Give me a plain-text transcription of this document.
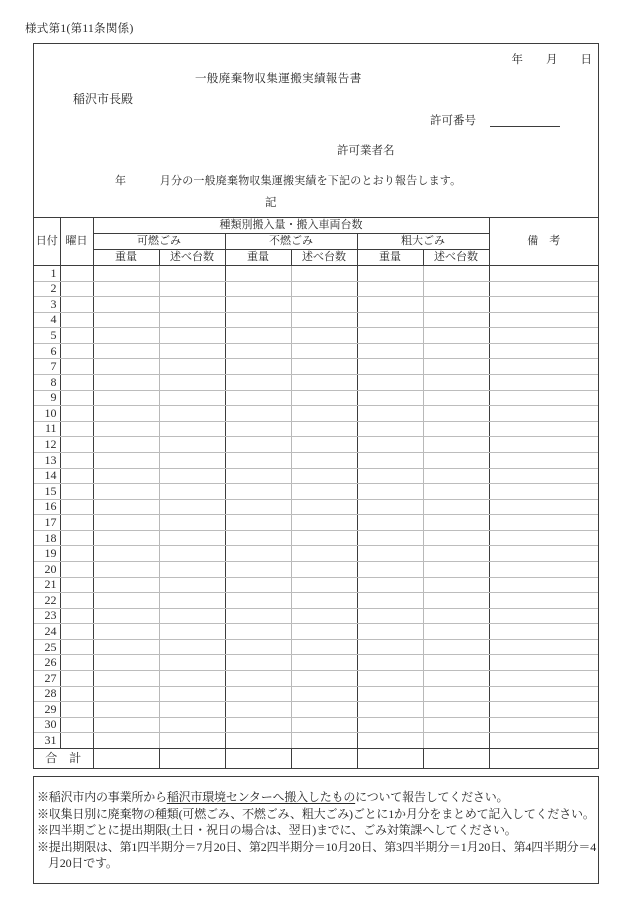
様式第1(第11条関係)
年　　月　　日
一般廃棄物収集運搬実績報告書
稲沢市長殿
許可番号
許可業者名
年　　　月分の一般廃棄物収集運搬実績を下記のとおり報告します。
記
日付	曜日	種類別搬入量・搬入車両台数						備　考
		可燃ごみ		不燃ごみ		粗大ごみ		
		重量	述べ台数	重量	述べ台数	重量	述べ台数	
1								
2								
3								
4								
5								
6								
7								
8								
9								
10								
11								
12								
13								
14								
15								
16								
17								
18								
19								
20								
21								
22								
23								
24								
25								
26								
27								
28								
29								
30								
31								
合　計								
※稲沢市内の事業所から稲沢市環境センターへ搬入したものについて報告してください。
※収集日別に廃棄物の種類(可燃ごみ、不燃ごみ、粗大ごみ)ごとに1か月分をまとめて記入してください。
※四半期ごとに提出期限(土日・祝日の場合は、翌日)までに、ごみ対策課へしてください。
※提出期限は、第1四半期分＝7月20日、第2四半期分＝10月20日、第3四半期分＝1月20日、第4四半期分＝4
月20日です。
